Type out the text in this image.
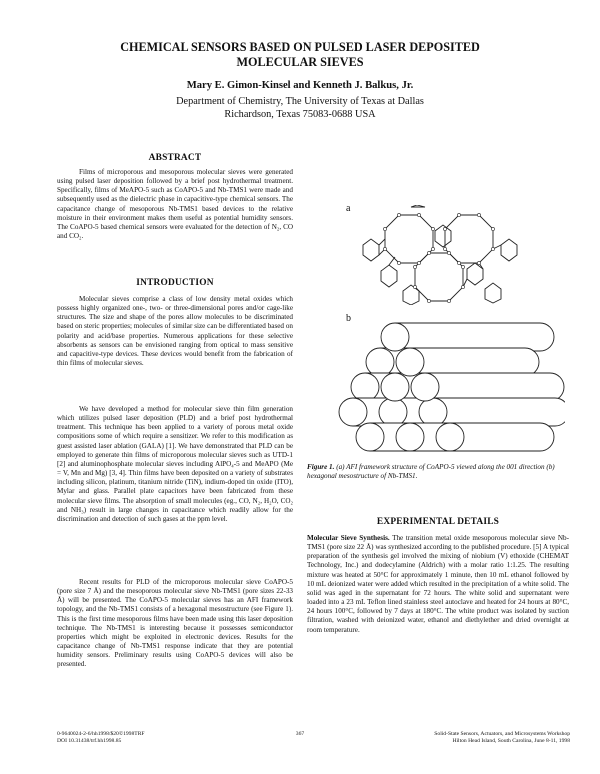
CHEMICAL SENSORS BASED ON PULSED LASER DEPOSITED
MOLECULAR SIEVES
Mary E. Gimon-Kinsel and Kenneth J. Balkus, Jr.
Department of Chemistry, The University of Texas at Dallas
Richardson, Texas 75083-0688 USA
ABSTRACT

Films of microporous and mesoporous molecular sieves were generated using pulsed laser deposition followed by a brief post hydrothermal treatment. Specifically, films of MeAPO-5 such as CoAPO-5 and Nb-TMS1 were made and subsequently used as the dielectric phase in capacitive-type chemical sensors. The capacitance change of mesoporous Nb-TMS1 based devices to the relative moisture in their environment makes them useful as potential humidity sensors. The CoAPO-5 based chemical sensors were evaluated for the detection of N₂, CO and CO₂.

INTRODUCTION

Molecular sieves comprise a class of low density metal oxides which possess highly organized one-, two- or three-dimensional pores and/or cage-like structures. The size and shape of the pores allow molecules to be discriminated based on steric properties; molecules of similar size can be differentiated based on polarity and acid/base properties. Numerous applications for these selective absorbents as sensors can be envisioned ranging from optical to mass sensitive and capacitive-type devices. These devices would benefit from the fabrication of thin films of molecular sieves.

We have developed a method for molecular sieve thin film generation which utilizes pulsed laser deposition (PLD) and a brief post hydrothermal treatment. This technique has been applied to a variety of porous metal oxide compositions some of which require a sensitizer. We refer to this modification as guest assisted laser ablation (GALA) [1]. We have demonstrated that PLD can be employed to generate thin films of microporous molecular sieves such as UTD-1 [2] and aluminophosphate molecular sieves including AlPO₄-5 and MeAPO (Me = V, Mn and Mg) [3, 4]. Thin films have been deposited on a variety of substrates including silicon, platinum, titanium nitride (TiN), indium-doped tin oxide (ITO), Mylar and glass. Parallel plate capacitors have been fabricated from these molecular sieve films. The absorption of small molecules (eg., CO, N₂, H₂O, CO₂ and NH₃) result in large changes in capacitance which readily allow for the discrimination and detection of such gases at the ppm level.

Recent results for PLD of the microporous molecular sieve CoAPO-5 (pore size 7 Å) and the mesoporous molecular sieve Nb-TMS1 (pore sizes 22-33 Å) will be presented. The CoAPO-5 molecular sieves has an AFI framework topology, and the Nb-TMS1 consists of a hexagonal mesostructure (see Figure 1). This is the first time mesoporous films have been made using this laser deposition technique. The Nb-TMS1 is interesting because it possesses semiconductor properties which might be exploited in electronic devices. Results for the capacitance change of Nb-TMS1 response indicate that they are potential humidity sensors. Preliminary results using CoAPO-5 devices will also be presented.

a
b
Figure 1. (a) AFI framework structure of CoAPO-5 viewed along the 001 direction (b) hexagonal mesostructure of Nb-TMS1.
EXPERIMENTAL DETAILS

Molecular Sieve Synthesis. The transition metal oxide mesoporous molecular sieve Nb-TMS1 (pore size 22 Å) was synthesized according to the published procedure. [5] A typical preparation of the synthesis gel involved the mixing of niobium (V) ethoxide (CHEMAT Technology, Inc.) and dodecylamine (Aldrich) with a molar ratio 1:1.25. The resulting mixture was heated at 50°C for approximately 1 minute, then 10 mL ethanol followed by 10 mL deionized water were added which resulted in the precipitation of a white solid. The solid was aged in the supernatant for 72 hours. The white solid and supernatant were loaded into a 23 mL Teflon lined stainless steel autoclave and heated for 24 hours at 80°C, 24 hours 100°C, followed by 7 days at 180°C. The white product was isolated by suction filtration, washed with deionized water, ethanol and diethylether and dried overnight at room temperature.

0-9640024-2-6/hh1998/$20©1998TRF
DOI 10.31438/trf.hh1998.85
367	Solid-State Sensors, Actuators, and Microsystems Workshop
Hilton Head Island, South Carolina, June 8-11, 1998
